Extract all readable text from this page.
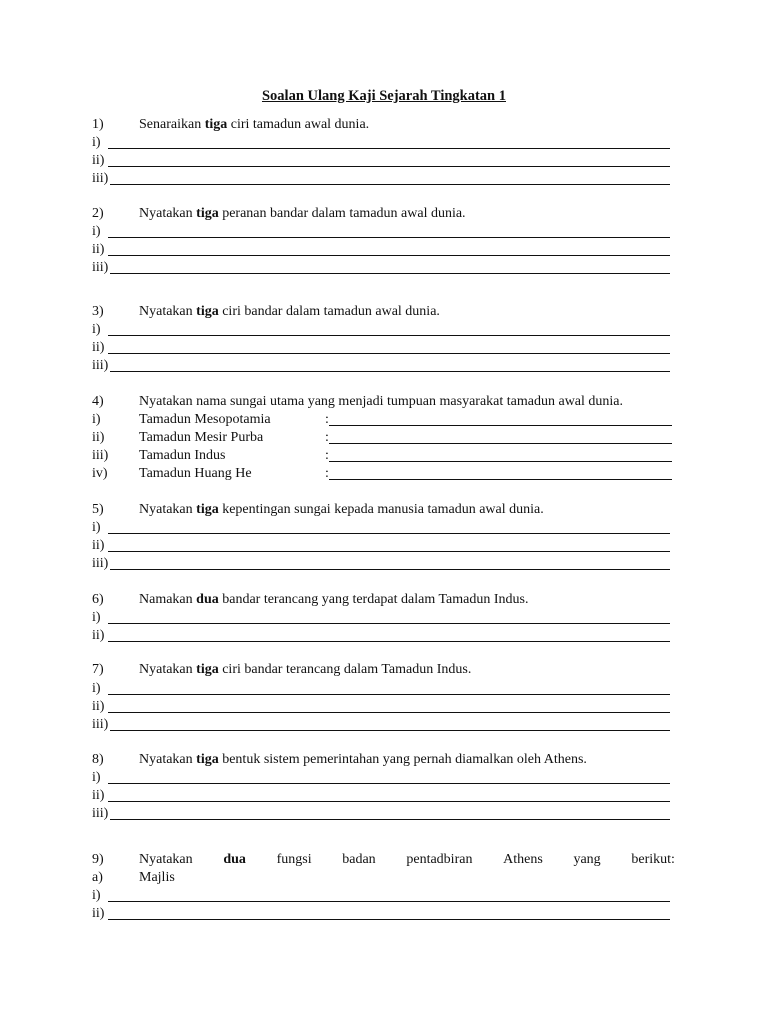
Soalan Ulang Kaji Sejarah Tingkatan 1
1)	Senaraikan tiga ciri tamadun awal dunia.
i)
ii)
iii)
2)	Nyatakan tiga peranan bandar dalam tamadun awal dunia.
i)
ii)
iii)
3)	Nyatakan tiga ciri bandar dalam tamadun awal dunia.
i)
ii)
iii)
4)	Nyatakan nama sungai utama yang menjadi tumpuan masyarakat tamadun awal dunia.
i)	Tamadun Mesopotamia	:
ii) Tamadun Mesir Purba	:
iii) Tamadun Indus	:
iv) Tamadun Huang He	:
5)	Nyatakan tiga kepentingan sungai kepada manusia tamadun awal dunia.
i)
ii)
iii)
6)	Namakan dua bandar terancang yang terdapat dalam Tamadun Indus.
i)
ii)
7)	Nyatakan tiga ciri bandar terancang dalam Tamadun Indus.
i)
ii)
iii)
8)	Nyatakan tiga bentuk sistem pemerintahan yang pernah diamalkan oleh Athens.
i)
ii)
iii)
9)	Nyatakan dua fungsi badan pentadbiran Athens yang berikut:
a)	Majlis
i)
ii)
